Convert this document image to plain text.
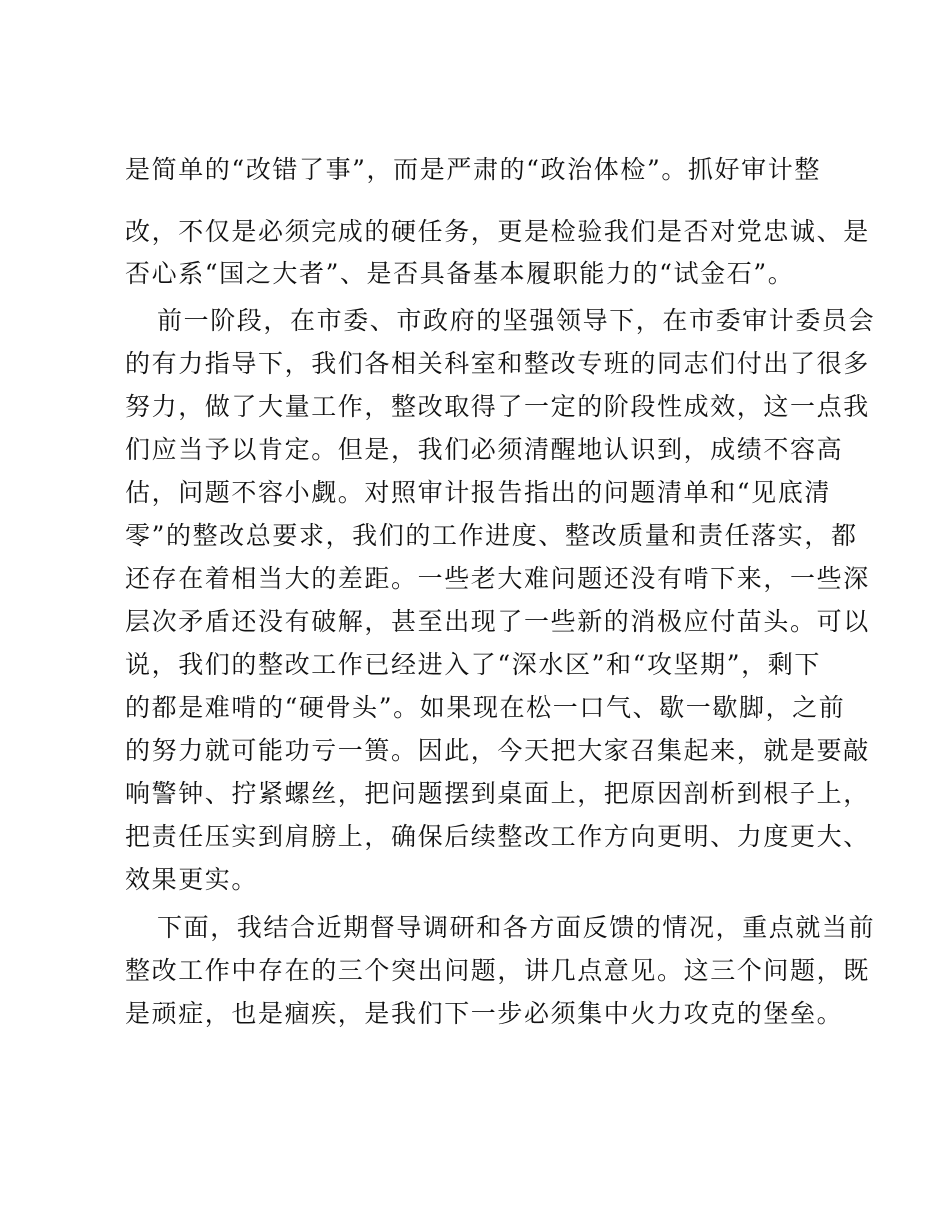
是简单的“改错了事”，而是严肃的“政治体检”。抓好审计整
改，不仅是必须完成的硬任务，更是检验我们是否对党忠诚、是
否心系“国之大者”、是否具备基本履职能力的“试金石”。
前一阶段，在市委、市政府的坚强领导下，在市委审计委员会
的有力指导下，我们各相关科室和整改专班的同志们付出了很多
努力，做了大量工作，整改取得了一定的阶段性成效，这一点我
们应当予以肯定。但是，我们必须清醒地认识到，成绩不容高
估，问题不容小觑。对照审计报告指出的问题清单和“见底清
零”的整改总要求，我们的工作进度、整改质量和责任落实，都
还存在着相当大的差距。一些老大难问题还没有啃下来，一些深
层次矛盾还没有破解，甚至出现了一些新的消极应付苗头。可以
说，我们的整改工作已经进入了“深水区”和“攻坚期”，剩下
的都是难啃的“硬骨头”。如果现在松一口气、歇一歇脚，之前
的努力就可能功亏一篑。因此，今天把大家召集起来，就是要敲
响警钟、拧紧螺丝，把问题摆到桌面上，把原因剖析到根子上，
把责任压实到肩膀上，确保后续整改工作方向更明、力度更大、
效果更实。
下面，我结合近期督导调研和各方面反馈的情况，重点就当前
整改工作中存在的三个突出问题，讲几点意见。这三个问题，既
是顽症，也是痼疾，是我们下一步必须集中火力攻克的堡垒。
